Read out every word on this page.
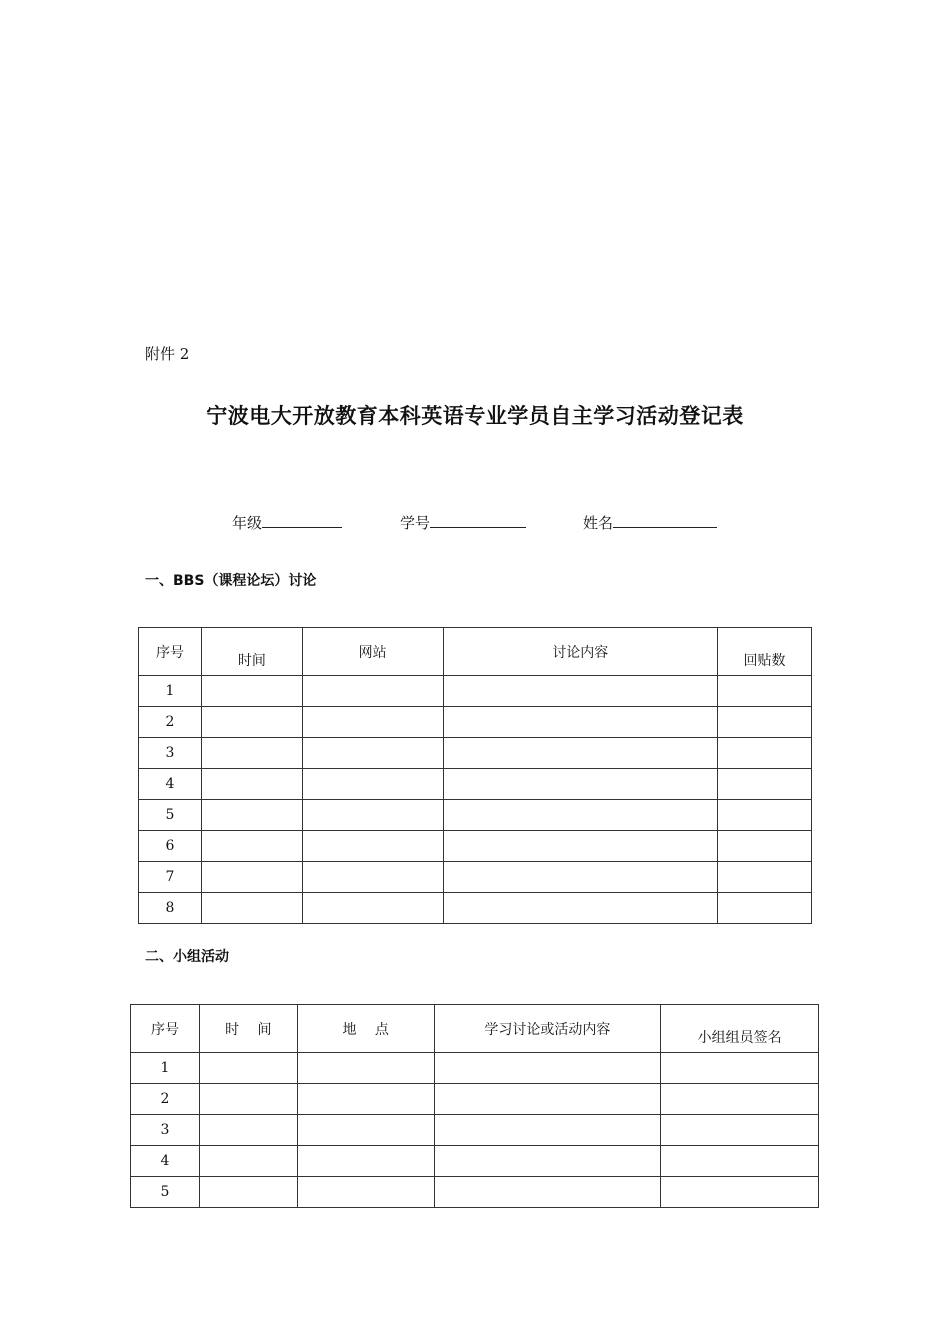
附件 2
宁波电大开放教育本科英语专业学员自主学习活动登记表
年级	学号	姓名
一、BBS（课程论坛）讨论
序号	时间	网站	讨论内容	回贴数
1				
2				
3				
4				
5				
6				
7				
8				
二、小组活动
序号	时　 间	地　 点	学习讨论或活动内容	小组组员签名
1				
2				
3				
4				
5				
